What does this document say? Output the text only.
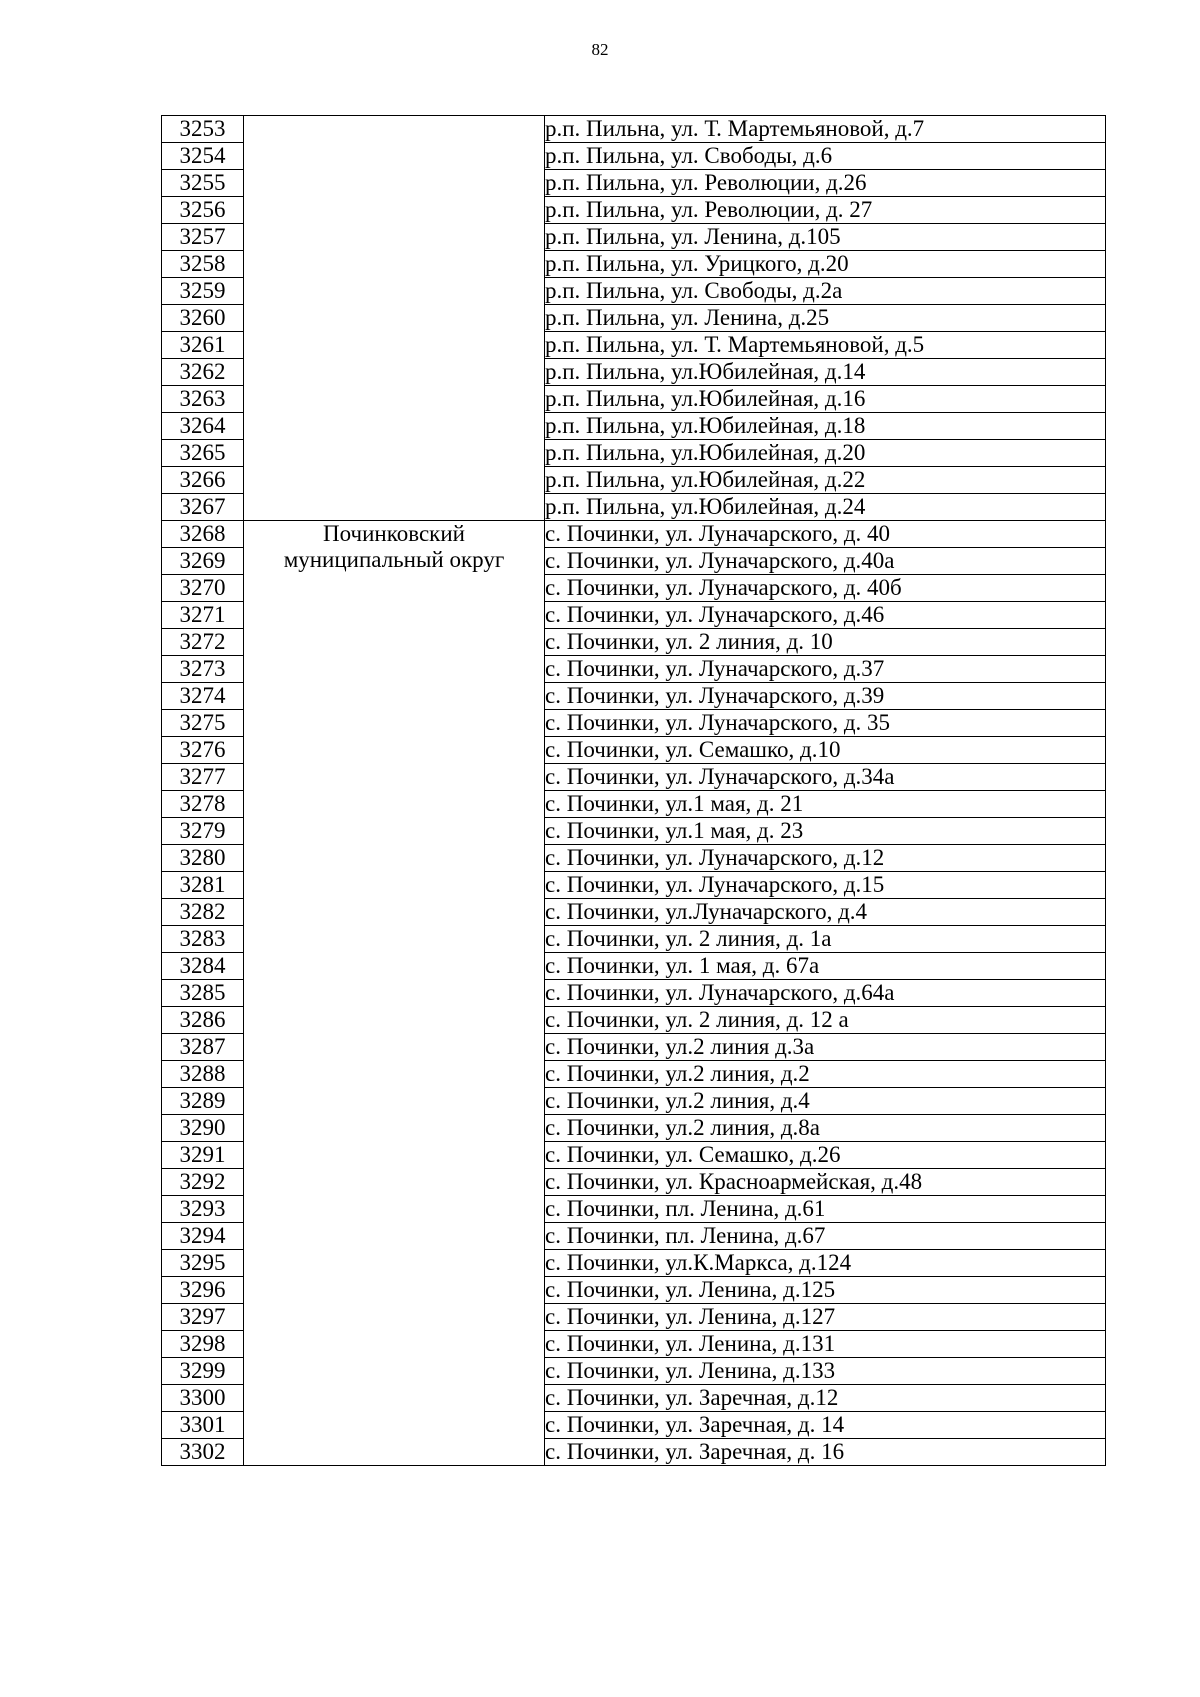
82
3253		р.п. Пильна, ул. Т. Мартемьяновой, д.7
3254		р.п. Пильна, ул. Свободы, д.6
3255		р.п. Пильна, ул. Революции, д.26
3256		р.п. Пильна, ул. Революции, д. 27
3257		р.п. Пильна, ул. Ленина, д.105
3258		р.п. Пильна, ул. Урицкого, д.20
3259		р.п. Пильна, ул. Свободы, д.2а
3260		р.п. Пильна, ул. Ленина, д.25
3261		р.п. Пильна, ул. Т. Мартемьяновой, д.5
3262		р.п. Пильна, ул.Юбилейная, д.14
3263		р.п. Пильна, ул.Юбилейная, д.16
3264		р.п. Пильна, ул.Юбилейная, д.18
3265		р.п. Пильна, ул.Юбилейная, д.20
3266		р.п. Пильна, ул.Юбилейная, д.22
3267		р.п. Пильна, ул.Юбилейная, д.24
3268	Починковский муниципальный округ	с. Починки, ул. Луначарского, д. 40
3269		с. Починки, ул. Луначарского, д.40а
3270		с. Починки, ул. Луначарского, д. 40б
3271		с. Починки, ул. Луначарского, д.46
3272		с. Починки, ул. 2 линия, д. 10
3273		с. Починки, ул. Луначарского, д.37
3274		с. Починки, ул. Луначарского, д.39
3275		с. Починки, ул. Луначарского, д. 35
3276		с. Починки, ул. Семашко, д.10
3277		с. Починки, ул. Луначарского, д.34а
3278		с. Починки, ул.1 мая, д. 21
3279		с. Починки, ул.1 мая, д. 23
3280		с. Починки, ул. Луначарского, д.12
3281		с. Починки, ул. Луначарского, д.15
3282		с. Починки, ул.Луначарского, д.4
3283		с. Починки, ул. 2 линия, д. 1а
3284		с. Починки, ул. 1 мая, д. 67а
3285		с. Починки, ул. Луначарского, д.64а
3286		с. Починки, ул. 2 линия, д. 12 а
3287		с. Починки, ул.2 линия д.3а
3288		с. Починки, ул.2 линия, д.2
3289		с. Починки, ул.2 линия, д.4
3290		с. Починки, ул.2 линия, д.8а
3291		с. Починки, ул. Семашко, д.26
3292		с. Починки, ул. Красноармейская, д.48
3293		с. Починки, пл. Ленина, д.61
3294		с. Починки, пл. Ленина, д.67
3295		с. Починки, ул.К.Маркса, д.124
3296		с. Починки, ул. Ленина, д.125
3297		с. Починки, ул. Ленина, д.127
3298		с. Починки, ул. Ленина, д.131
3299		с. Починки, ул. Ленина, д.133
3300		с. Починки, ул. Заречная, д.12
3301		с. Починки, ул. Заречная, д. 14
3302		с. Починки, ул. Заречная, д. 16
